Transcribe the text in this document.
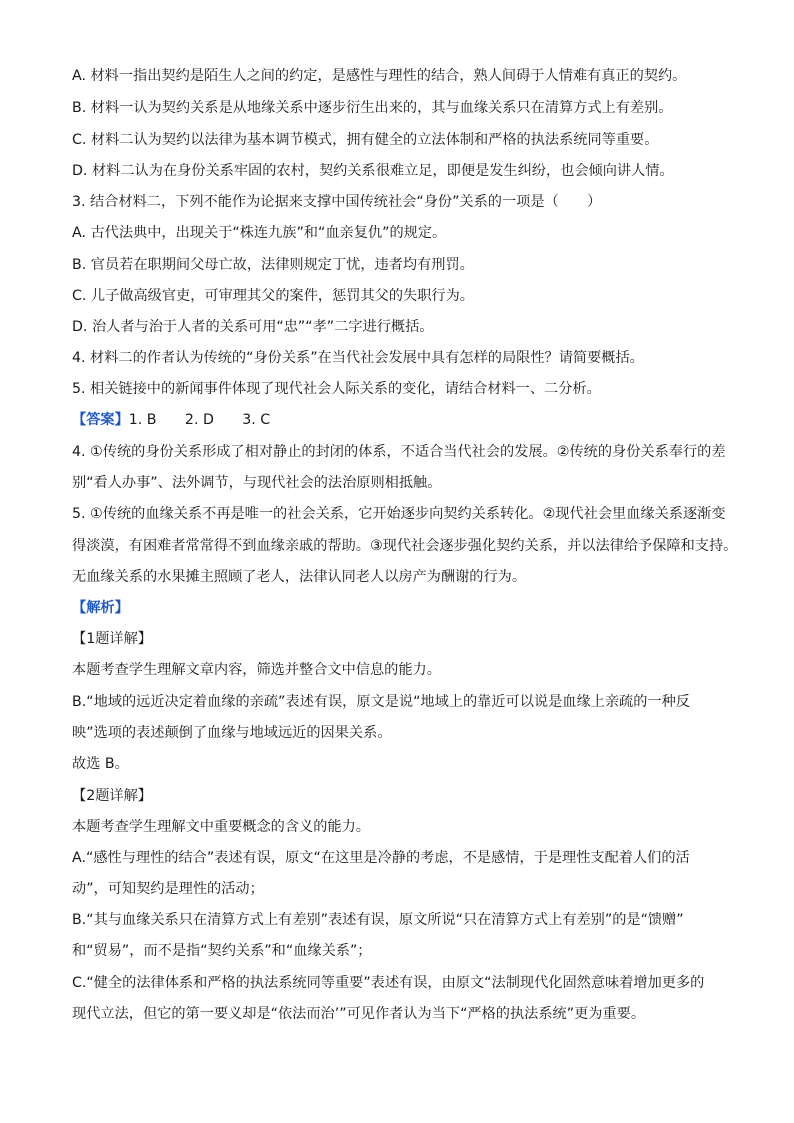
A. 材料一指出契约是陌生人之间的约定，是感性与理性的结合，熟人间碍于人情难有真正的契约。
B. 材料一认为契约关系是从地缘关系中逐步衍生出来的，其与血缘关系只在清算方式上有差别。
C. 材料二认为契约以法律为基本调节模式，拥有健全的立法体制和严格的执法系统同等重要。
D. 材料二认为在身份关系牢固的农村，契约关系很难立足，即便是发生纠纷，也会倾向讲人情。
3. 结合材料二，下列不能作为论据来支撑中国传统社会“身份”关系的一项是（　　）
A. 古代法典中，出现关于“株连九族”和“血亲复仇”的规定。
B. 官员若在职期间父母亡故，法律则规定丁忧，违者均有刑罚。
C. 儿子做高级官吏，可审理其父的案件，惩罚其父的失职行为。
D. 治人者与治于人者的关系可用“忠”“孝”二字进行概括。
4. 材料二的作者认为传统的“身份关系”在当代社会发展中具有怎样的局限性？请简要概括。
5. 相关链接中的新闻事件体现了现代社会人际关系的变化，请结合材料一、二分析。
【答案】1. B　　2. D　　3. C
4. ①传统的身份关系形成了相对静止的封闭的体系，不适合当代社会的发展。②传统的身份关系奉行的差
别“看人办事”、法外调节，与现代社会的法治原则相抵触。
5. ①传统的血缘关系不再是唯一的社会关系，它开始逐步向契约关系转化。②现代社会里血缘关系逐渐变
得淡漠，有困难者常常得不到血缘亲戚的帮助。③现代社会逐步强化契约关系，并以法律给予保障和支持。
无血缘关系的水果摊主照顾了老人，法律认同老人以房产为酬谢的行为。
【解析】
【1题详解】
本题考查学生理解文章内容，筛选并整合文中信息的能力。
B.“地域的远近决定着血缘的亲疏”表述有误，原文是说“地域上的靠近可以说是血缘上亲疏的一种反
映”选项的表述颠倒了血缘与地域远近的因果关系。
故选 B。
【2题详解】
本题考查学生理解文中重要概念的含义的能力。
A.“感性与理性的结合”表述有误，原文“在这里是冷静的考虑，不是感情，于是理性支配着人们的活
动”，可知契约是理性的活动；
B.“其与血缘关系只在清算方式上有差别”表述有误，原文所说“只在清算方式上有差别”的是“馈赠”
和“贸易”，而不是指“契约关系”和“血缘关系”；
C.“健全的法律体系和严格的执法系统同等重要”表述有误，由原文“法制现代化固然意味着增加更多的
现代立法，但它的第一要义却是“依法而治’”可见作者认为当下“严格的执法系统”更为重要。
